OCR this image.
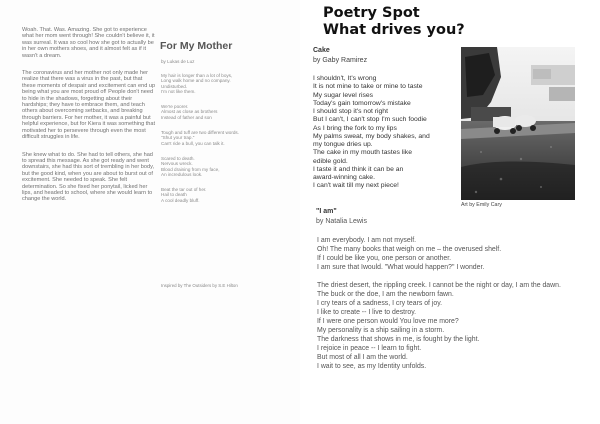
Woah. That. Was. Amazing. She got to experience what her mom went through! She couldn't believe it, it was surreal. It was so cool how she got to actually be in her own mothers shoes, and it almost felt as if it wasn't a dream.

The coronavirus and her mother not only made her realize that there was a virus in the past, but that these moments of despair and excitement can end up being what you are most proud of! People don't need to hide in the shadows, forgetting about their hardships; they have to embrace them, and teach others about overcoming setbacks, and breaking through barriers. For her mother, it was a painful but helpful experience, but for Kiera it was something that motivated her to persevere through even the most difficult struggles in life.

She knew what to do. She had to tell others, she had to spread this message. As she got ready and went downstairs, she had this sort of trembling in her body, but the good kind, when you are about to burst out of excitement. She needed to speak. She felt determination. So she fixed her ponytail, licked her lips, and headed to school, where she would learn to change the world.

For My Mother
by Lukas de Luz
My hair is longer than a lot of boys,
Long walk home and no company.
Undisturbed.
I'm not like them.
We're poorer.
Almost as close as brothers
Instead of father and son
Tough and tuff are two different words.
"Shut your trap."
Can't ride a bull, you can talk it.
Scared to death.
Nervous wreck.
Blood draining from my face,
An incredulous look.
Beat the tar out of her.
Hail to death
A cool deadly bluff.
Inspired by The Outsiders by S.E Hilton
Poetry Spot
What drives you?
Cake
by Gaby Ramirez
I shouldn't, It's wrong
It is not mine to take or mine to taste
My sugar level rises
Today's gain tomorrow's mistake
I should stop it's not right
But I can't, I can't stop I'm such foodie
As I bring the fork to my lips
My palms sweat, my body shakes, and
my tongue dries up.
The cake in my mouth tastes like
edible gold.
I taste it and think it can be an
award-winning cake.
I can't wait till my next piece!
Art by Emily Cary
"I am"
by Natalia Lewis

I am everybody. I am not myself.
Oh! The many books that weigh on me – the overused shelf.
If I could be like you, one person or another.
I am sure that Iwould. "What would happen?" I wonder.

The driest desert, the rippling creek. I cannot be the night or day, I am the dawn.
The buck or the doe, I am the newborn fawn.
I cry tears of a sadness, I cry tears of joy.
I like to create -- I live to destroy.
If I were one person would You love me more?
My personality is a ship sailing in a storm.
The darkness that shows in me, is fought by the light.
I rejoice in peace -- I learn to fight.
But most of all I am the world.
I wait to see, as my Identity unfolds.
